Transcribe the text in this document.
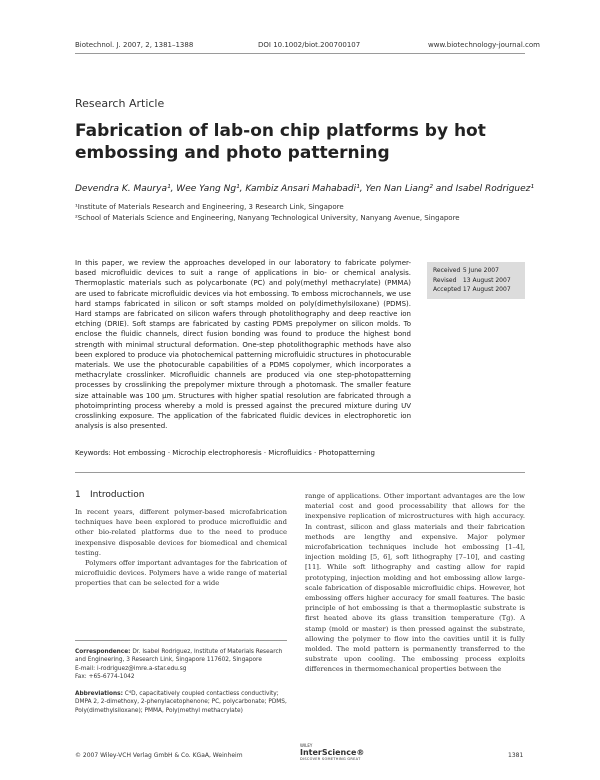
Biotechnol. J. 2007, 2, 1381–1388	DOI 10.1002/biot.200700107	www.biotechnology-journal.com
Research Article
Fabrication of lab-on chip platforms by hot embossing and photo patterning
Devendra K. Maurya¹, Wee Yang Ng¹, Kambiz Ansari Mahabadi¹, Yen Nan Liang² and Isabel Rodriguez¹
¹Institute of Materials Research and Engineering, 3 Research Link, Singapore
²School of Materials Science and Engineering, Nanyang Technological University, Nanyang Avenue, Singapore
In this paper, we review the approaches developed in our laboratory to fabricate polymer-based microfluidic devices to suit a range of applications in bio- or chemical analysis. Thermoplastic materials such as polycarbonate (PC) and poly(methyl methacrylate) (PMMA) are used to fabricate microfluidic devices via hot embossing. To emboss microchannels, we use hard stamps fabricated in silicon or soft stamps molded on poly(dimethylsiloxane) (PDMS). Hard stamps are fabricated on silicon wafers through photolithography and deep reactive ion etching (DRIE). Soft stamps are fabricated by casting PDMS prepolymer on silicon molds. To enclose the fluidic channels, direct fusion bonding was found to produce the highest bond strength with minimal structural deformation. One-step photolithographic methods have also been explored to produce via photochemical patterning microfluidic structures in photocurable materials. We use the photocurable capabilities of a PDMS copolymer, which incorporates a methacrylate crosslinker. Microfluidic channels are produced via one step-photopatterning processes by crosslinking the prepolymer mixture through a photomask. The smaller feature size attainable was 100 µm. Structures with higher spatial resolution are fabricated through a photoimprinting process whereby a mold is pressed against the precured mixture during UV crosslinking exposure. The application of the fabricated fluidic devices in electrophoretic ion analysis is also presented.
Received 5 June 2007
Revised 13 August 2007
Accepted 17 August 2007
Keywords: Hot embossing · Microchip electrophoresis · Microfluidics · Photopatterning
1 Introduction

In recent years, different polymer-based microfabrication techniques have been explored to produce microfluidic and other bio-related platforms due to the need to produce inexpensive disposable devices for biomedical and chemical testing.

Polymers offer important advantages for the fabrication of microfluidic devices. Polymers have a wide range of material properties that can be selected for a wide

range of applications. Other important advantages are the low material cost and good processability that allows for the inexpensive replication of microstructures with high accuracy. In contrast, silicon and glass materials and their fabrication methods are lengthy and expensive. Major polymer microfabrication techniques include hot embossing [1–4], injection molding [5, 6], soft lithography [7–10], and casting [11]. While soft lithography and casting allow for rapid prototyping, injection molding and hot embossing allow large-scale fabrication of disposable microfluidic chips. However, hot embossing offers higher accuracy for small features. The basic principle of hot embossing is that a thermoplastic substrate is first heated above its glass transition temperature (Tg). A stamp (mold or master) is then pressed against the substrate, allowing the polymer to flow into the cavities until it is fully molded. The mold pattern is permanently transferred to the substrate upon cooling. The embossing process exploits differences in thermomechanical properties between the

Correspondence: Dr. Isabel Rodriguez, Institute of Materials Research and Engineering, 3 Research Link, Singapore 117602, Singapore
E-mail: i-rodriguez@imre.a-star.edu.sg
Fax: +65-6774-1042
Abbreviations: C⁴D, capacitatively coupled contactless conductivity; DMPA 2, 2-dimethoxy, 2-phenylacetophenone; PC, polycarbonate; PDMS, Poly(dimethylsiloxane); PMMA, Poly(methyl methacrylate)
© 2007 Wiley-VCH Verlag GmbH & Co. KGaA, Weinheim
WILEY
InterScience®
DISCOVER SOMETHING GREAT	1381
